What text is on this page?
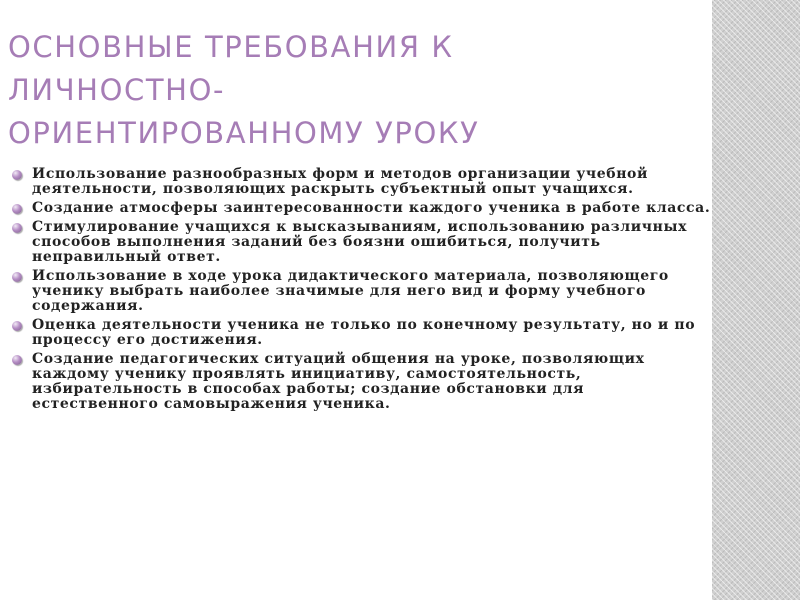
ОСНОВНЫЕ ТРЕБОВАНИЯ К
ЛИЧНОСТНО-
ОРИЕНТИРОВАННОМУ УРОКУ
Использование разнообразных форм и методов организации учебной деятельности, позволяющих раскрыть субъектный опыт учащихся.
Создание атмосферы заинтересованности каждого ученика в работе класса.
Стимулирование учащихся к высказываниям, использованию различных способов выполнения заданий без боязни ошибиться, получить неправильный ответ.
Использование в ходе урока дидактического материала, позволяющего ученику выбрать наиболее значимые для него вид и форму учебного содержания.
Оценка деятельности ученика не только по конечному результату, но и по процессу его достижения.
Создание педагогических ситуаций общения на уроке, позволяющих каждому ученику проявлять инициативу, самостоятельность, избирательность в способах работы; создание обстановки для естественного самовыражения ученика.
